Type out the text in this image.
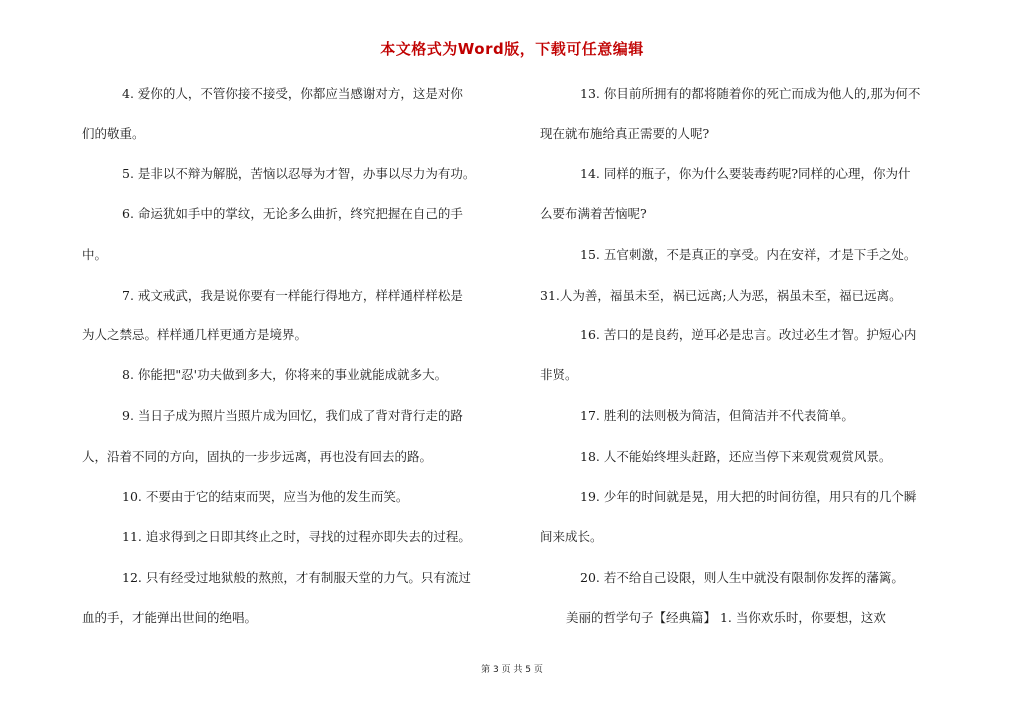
本文格式为Word版，下载可任意编辑
4. 爱你的人，不管你接不接受，你都应当感谢对方，这是对你
们的敬重。
5. 是非以不辩为解脱，苦恼以忍辱为才智，办事以尽力为有功。
6. 命运犹如手中的掌纹，无论多么曲折，终究把握在自己的手
中。
7. 戒文戒武，我是说你要有一样能行得地方，样样通样样松是
为人之禁忌。样样通几样更通方是境界。
8. 你能把"忍'功夫做到多大，你将来的事业就能成就多大。
9. 当日子成为照片当照片成为回忆，我们成了背对背行走的路
人，沿着不同的方向，固执的一步步远离，再也没有回去的路。
10. 不要由于它的结束而哭，应当为他的发生而笑。
11. 追求得到之日即其终止之时，寻找的过程亦即失去的过程。
12. 只有经受过地狱般的熬煎，才有制服天堂的力气。只有流过
血的手，才能弹出世间的绝唱。
13. 你目前所拥有的都将随着你的死亡而成为他人的,那为何不
现在就布施给真正需要的人呢?
14. 同样的瓶子，你为什么要装毒药呢?同样的心理，你为什
么要布满着苦恼呢?
15. 五官刺激，不是真正的享受。内在安祥，才是下手之处。
31.人为善，福虽未至，祸已远离;人为恶，祸虽未至，福已远离。
16. 苦口的是良药，逆耳必是忠言。改过必生才智。护短心内
非贤。
17. 胜利的法则极为简洁，但简洁并不代表简单。
18. 人不能始终埋头赶路，还应当停下来观赏观赏风景。
19. 少年的时间就是晃，用大把的时间彷徨，用只有的几个瞬
间来成长。
20. 若不给自己设限，则人生中就没有限制你发挥的藩篱。
美丽的哲学句子【经典篇】 1. 当你欢乐时，你要想，这欢
第 3 页 共 5 页
